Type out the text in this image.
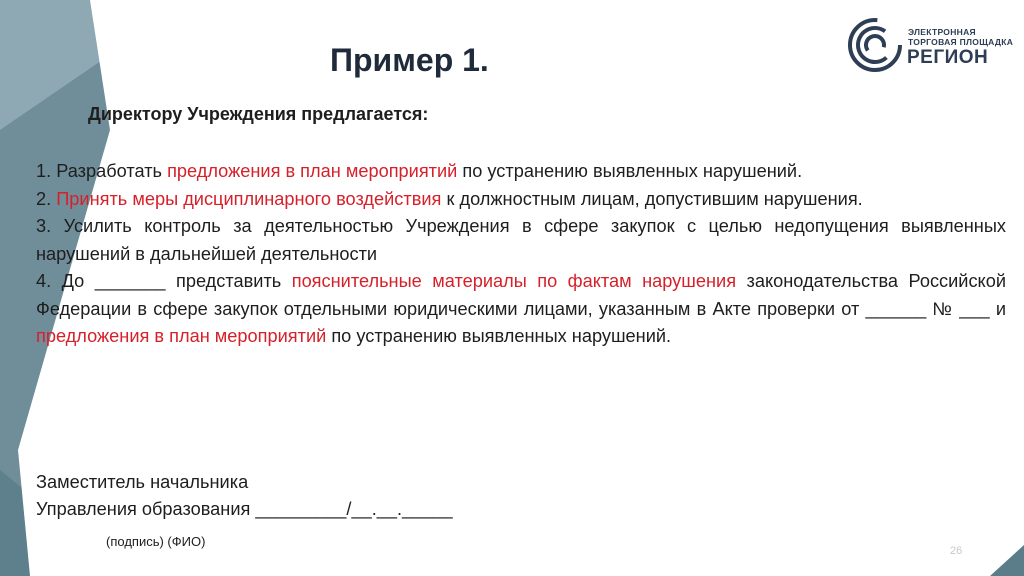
Пример 1.
ЭЛЕКТРОННАЯ
ТОРГОВАЯ ПЛОЩАДКА
РЕГИОН
Директору Учреждения предлагается:

1. Разработать предложения в план мероприятий по устранению выявленных нарушений.

2. Принять меры дисциплинарного воздействия к должностным лицам, допустившим нарушения.

3. Усилить контроль за деятельностью Учреждения в сфере закупок с целью недопущения выявленных нарушений в дальнейшей деятельности

4. До _______ представить пояснительные материалы по фактам нарушения законодательства Российской Федерации в сфере закупок отдельными юридическими лицами, указанным в Акте проверки от ______ № ___ и предложения в план мероприятий по устранению выявленных нарушений.

Заместитель начальника
Управления образования _________/__.__._____
(подпись) (ФИО)
26
